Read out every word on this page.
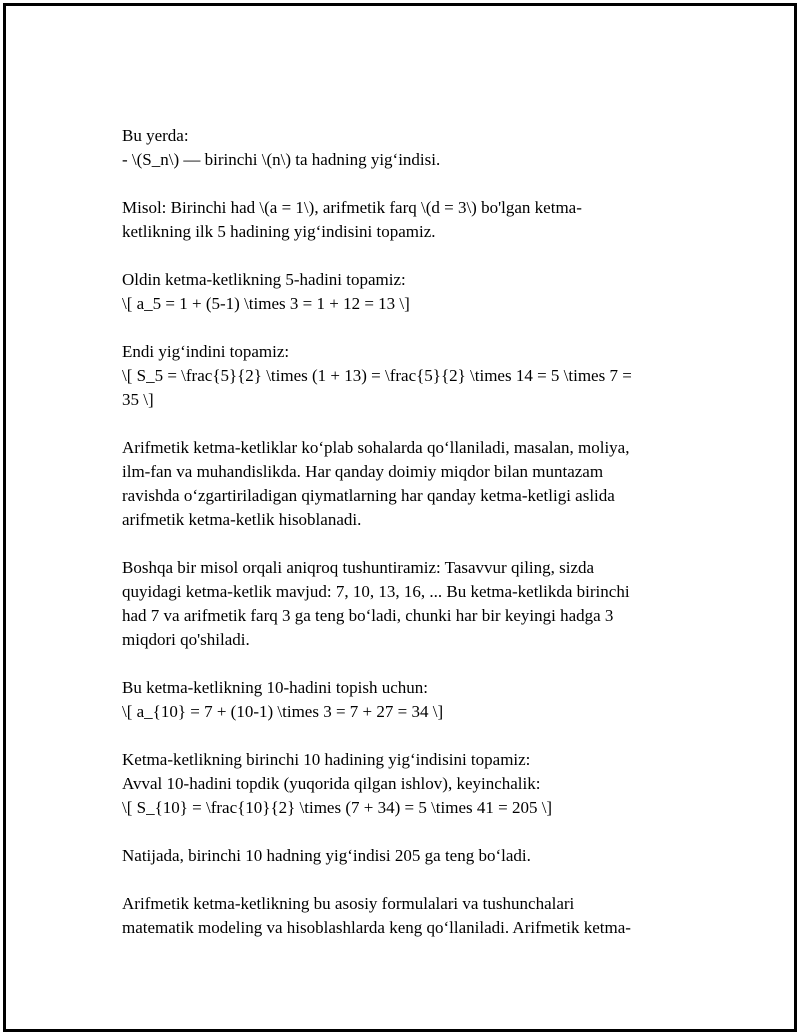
Bu yerda:
- \(S_n\) — birinchi \(n\) ta hadning yig‘indisi.

Misol: Birinchi had \(a = 1\), arifmetik farq \(d = 3\) bo'lgan ketma-
ketlikning ilk 5 hadining yig‘indisini topamiz.

Oldin ketma-ketlikning 5-hadini topamiz:
\[ a_5 = 1 + (5-1) \times 3 = 1 + 12 = 13 \]

Endi yig‘indini topamiz:
\[ S_5 = \frac{5}{2} \times (1 + 13) = \frac{5}{2} \times 14 = 5 \times 7 =
35 \]

Arifmetik ketma-ketliklar ko‘plab sohalarda qo‘llaniladi, masalan, moliya,
ilm-fan va muhandislikda. Har qanday doimiy miqdor bilan muntazam
ravishda o‘zgartiriladigan qiymatlarning har qanday ketma-ketligi aslida
arifmetik ketma-ketlik hisoblanadi.

Boshqa bir misol orqali aniqroq tushuntiramiz: Tasavvur qiling, sizda
quyidagi ketma-ketlik mavjud: 7, 10, 13, 16, ... Bu ketma-ketlikda birinchi
had 7 va arifmetik farq 3 ga teng bo‘ladi, chunki har bir keyingi hadga 3
miqdori qo'shiladi.

Bu ketma-ketlikning 10-hadini topish uchun:
\[ a_{10} = 7 + (10-1) \times 3 = 7 + 27 = 34 \]

Ketma-ketlikning birinchi 10 hadining yig‘indisini topamiz:
Avval 10-hadini topdik (yuqorida qilgan ishlov), keyinchalik:
\[ S_{10} = \frac{10}{2} \times (7 + 34) = 5 \times 41 = 205 \]

Natijada, birinchi 10 hadning yig‘indisi 205 ga teng bo‘ladi.

Arifmetik ketma-ketlikning bu asosiy formulalari va tushunchalari
matematik modeling va hisoblashlarda keng qo‘llaniladi. Arifmetik ketma-
